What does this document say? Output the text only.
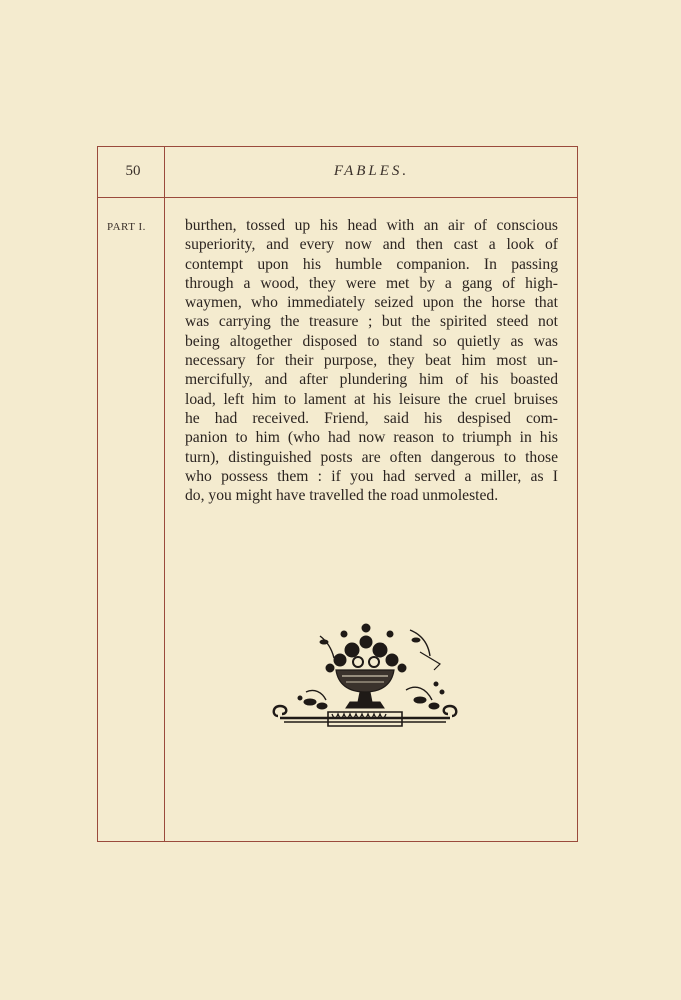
50	FABLES.
PART I.	burthen, tossed up his head with an air of conscious
superiority, and every now and then cast a look of
contempt upon his humble companion. In passing
through a wood, they were met by a gang of high-
waymen, who immediately seized upon the horse that
was carrying the treasure ; but the spirited steed not
being altogether disposed to stand so quietly as was
necessary for their purpose, they beat him most un-
mercifully, and after plundering him of his boasted
load, left him to lament at his leisure the cruel bruises
he had received. Friend, said his despised com-
panion to him (who had now reason to triumph in his
turn), distinguished posts are often dangerous to those
who possess them : if you had served a miller, as I
do, you might have travelled the road unmolested.
